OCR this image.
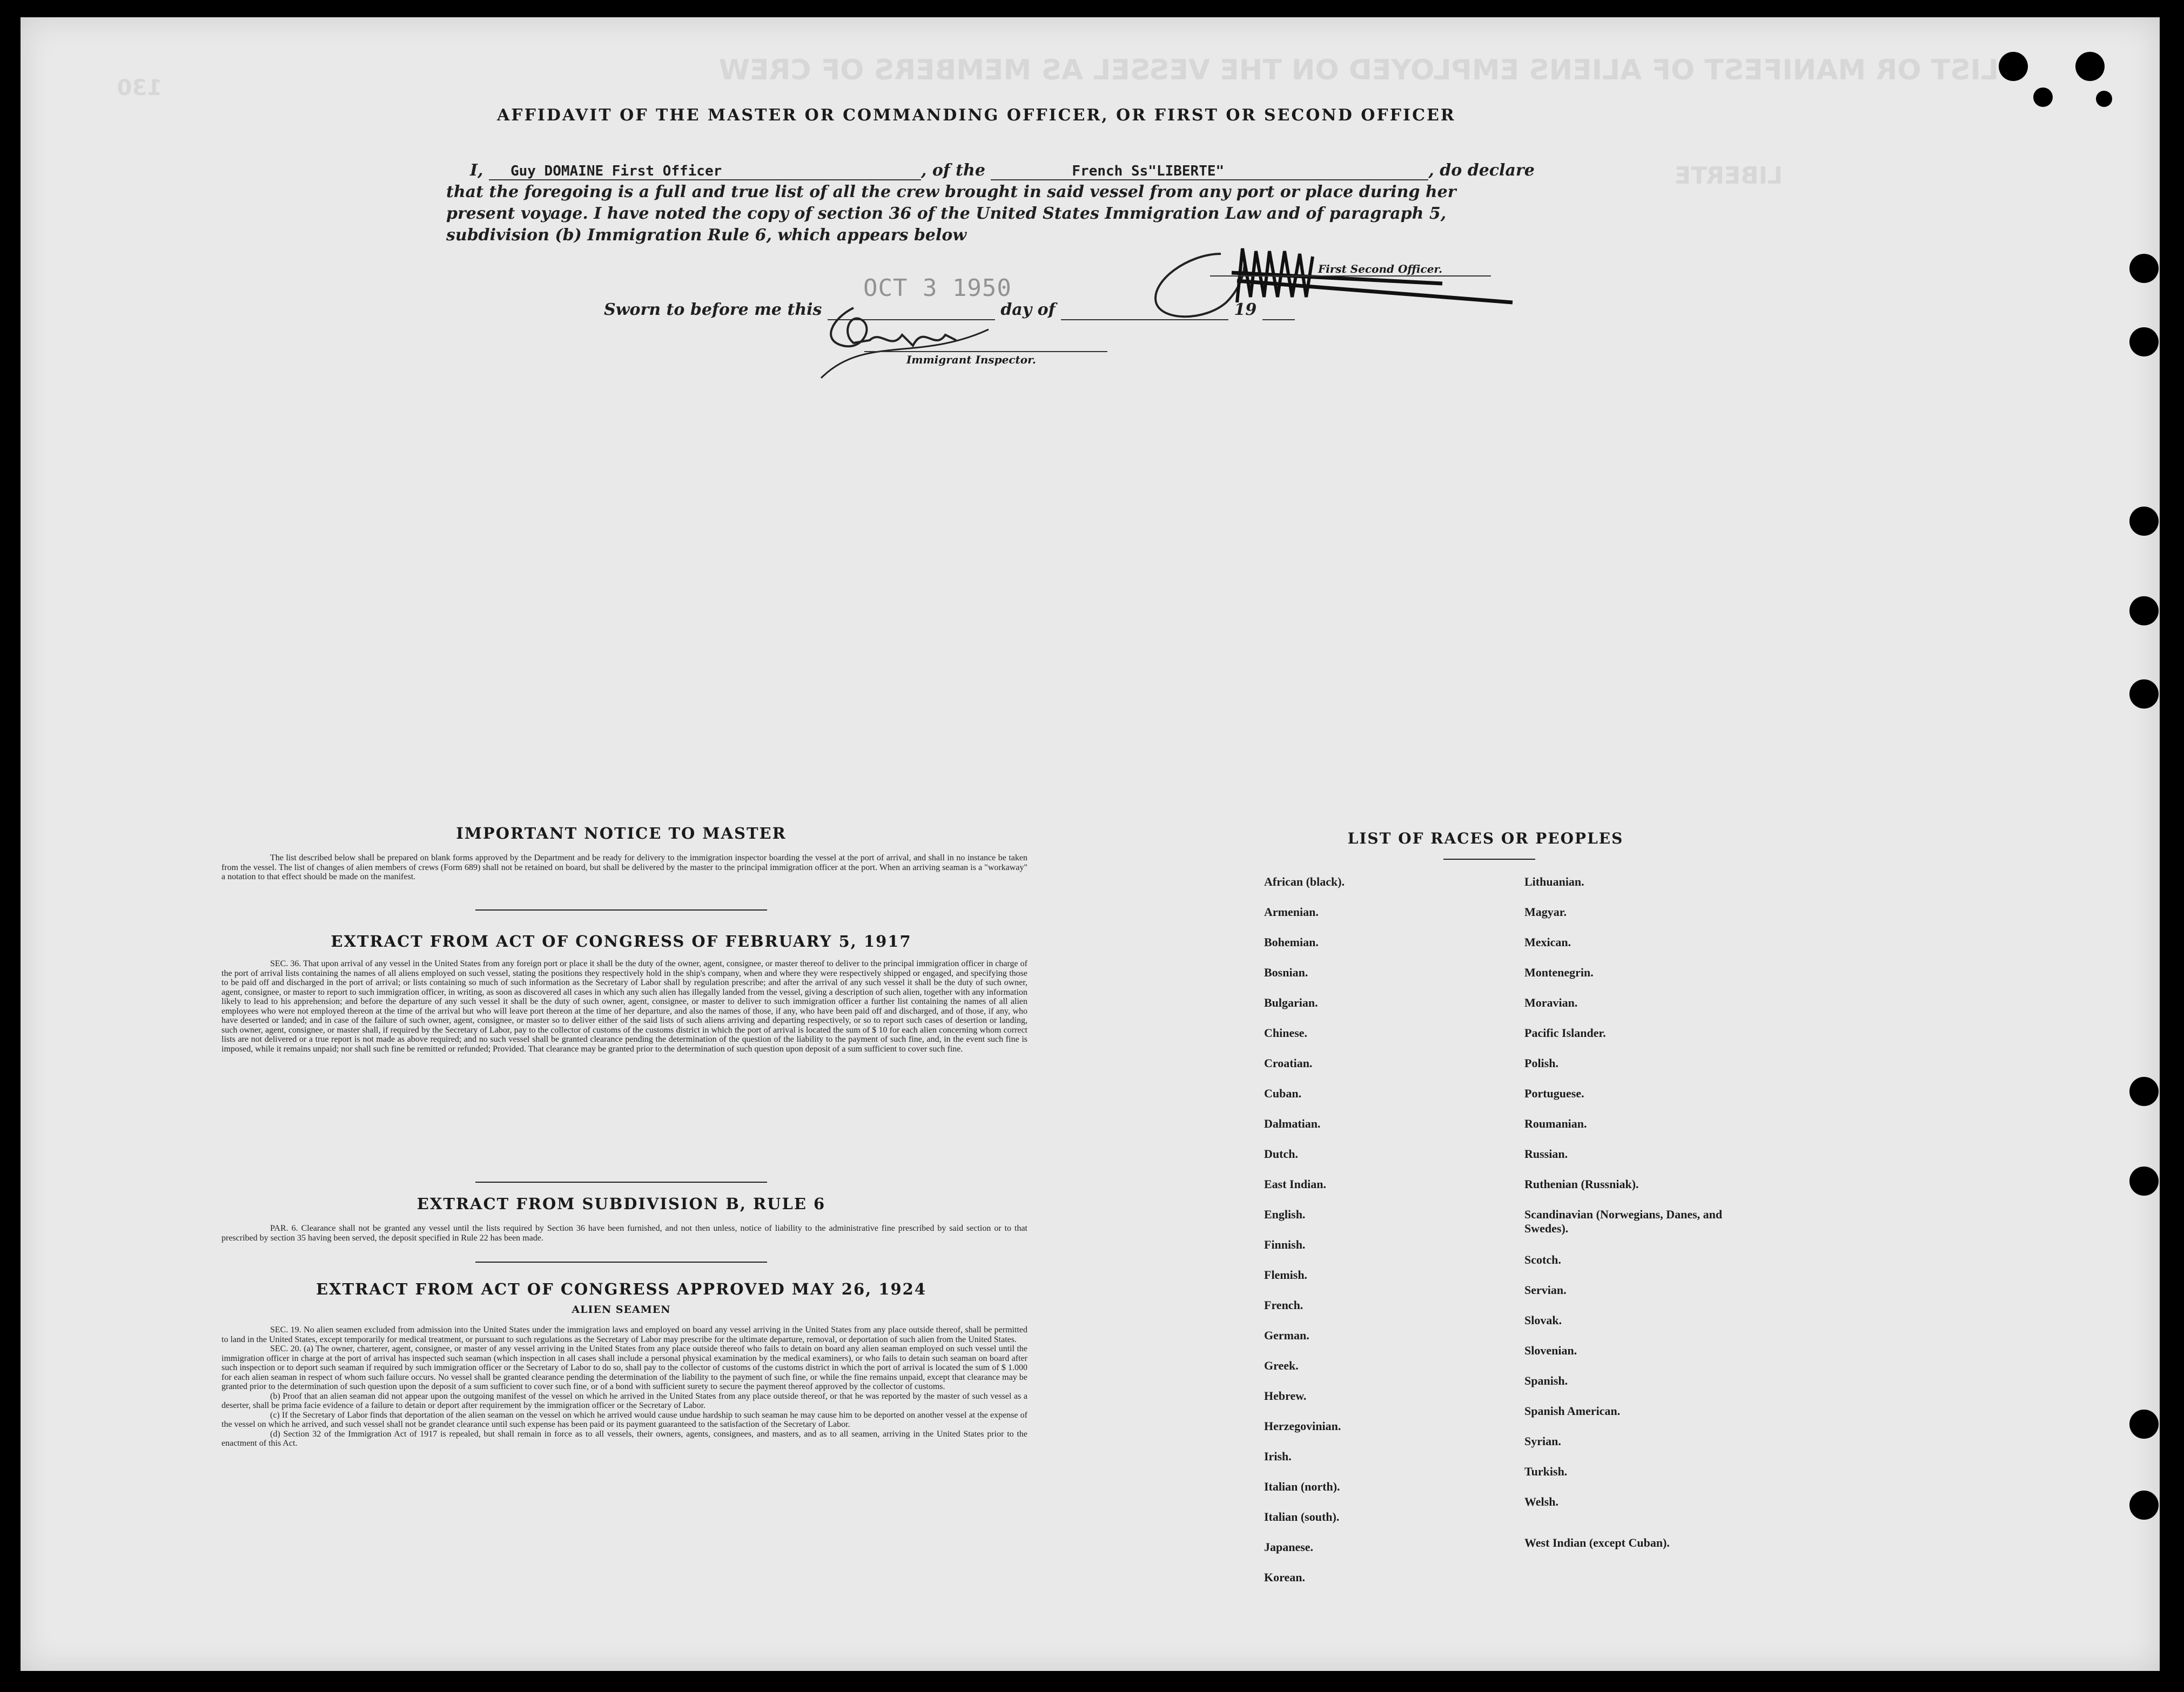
LIST OR MANIFEST OF ALIENS EMPLOYED ON THE VESSEL AS MEMBERS OF CREW
LIBERTE
130
AFFIDAVIT OF THE MASTER OR COMMANDING OFFICER, OR FIRST OR SECOND OFFICER
I, Guy DOMAINE First Officer	, of the	French Ss"LIBERTE"	, do declare
that the foregoing is a full and true list of all the crew brought in said vessel from any port or place during her
present voyage. I have noted the copy of section 36 of the United States Immigration Law and of paragraph 5,
subdivision (b) Immigration Rule 6, which appears below
First Second Officer.
Sworn to before me this	day of	19
OCT 3 1950
Immigrant Inspector.
IMPORTANT NOTICE TO MASTER
The list described below shall be prepared on blank forms approved by the Department and be ready for delivery to the immigration inspector boarding the vessel at the port of arrival, and shall in no instance be taken from the vessel. The list of changes of alien members of crews (Form 689) shall not be retained on board, but shall be delivered by the master to the principal immigration officer at the port. When an arriving seaman is a "workaway" a notation to that effect should be made on the manifest.
EXTRACT FROM ACT OF CONGRESS OF FEBRUARY 5, 1917
SEC. 36. That upon arrival of any vessel in the United States from any foreign port or place it shall be the duty of the owner, agent, consignee, or master thereof to deliver to the principal immigration officer in charge of the port of arrival lists containing the names of all aliens employed on such vessel, stating the positions they respectively hold in the ship's company, when and where they were respectively shipped or engaged, and specifying those to be paid off and discharged in the port of arrival; or lists containing so much of such information as the Secretary of Labor shall by regulation prescribe; and after the arrival of any such vessel it shall be the duty of such owner, agent, consignee, or master to report to such immigration officer, in writing, as soon as discovered all cases in which any such alien has illegally landed from the vessel, giving a description of such alien, together with any information likely to lead to his apprehension; and before the departure of any such vessel it shall be the duty of such owner, agent, consignee, or master to deliver to such immigration officer a further list containing the names of all alien employees who were not employed thereon at the time of the arrival but who will leave port thereon at the time of her departure, and also the names of those, if any, who have been paid off and discharged, and of those, if any, who have deserted or landed; and in case of the failure of such owner, agent, consignee, or master so to deliver either of the said lists of such aliens arriving and departing respectively, or so to report such cases of desertion or landing, such owner, agent, consignee, or master shall, if required by the Secretary of Labor, pay to the collector of customs of the customs district in which the port of arrival is located the sum of $ 10 for each alien concerning whom correct lists are not delivered or a true report is not made as above required; and no such vessel shall be granted clearance pending the determination of the question of the liability to the payment of such fine, and, in the event such fine is imposed, while it remains unpaid; nor shall such fine be remitted or refunded; Provided. That clearance may be granted prior to the determination of such question upon deposit of a sum sufficient to cover such fine.
EXTRACT FROM SUBDIVISION B, RULE 6
PAR. 6. Clearance shall not be granted any vessel until the lists required by Section 36 have been furnished, and not then unless, notice of liability to the administrative fine prescribed by said section or to that prescribed by section 35 having been served, the deposit specified in Rule 22 has been made.
EXTRACT FROM ACT OF CONGRESS APPROVED MAY 26, 1924
ALIEN SEAMEN
SEC. 19. No alien seamen excluded from admission into the United States under the immigration laws and employed on board any vessel arriving in the United States from any place outside thereof, shall be permitted to land in the United States, except temporarily for medical treatment, or pursuant to such regulations as the Secretary of Labor may prescribe for the ultimate departure, removal, or deportation of such alien from the United States.
SEC. 20. (a) The owner, charterer, agent, consignee, or master of any vessel arriving in the United States from any place outside thereof who fails to detain on board any alien seaman employed on such vessel until the immigration officer in charge at the port of arrival has inspected such seaman (which inspection in all cases shall include a personal physical examination by the medical examiners), or who fails to detain such seaman on board after such inspection or to deport such seaman if required by such immigration officer or the Secretary of Labor to do so, shall pay to the collector of customs of the customs district in which the port of arrival is located the sum of $ 1.000 for each alien seaman in respect of whom such failure occurs. No vessel shall be granted clearance pending the determination of the liability to the payment of such fine, or while the fine remains unpaid, except that clearance may be granted prior to the determination of such question upon the deposit of a sum sufficient to cover such fine, or of a bond with sufficient surety to secure the payment thereof approved by the collector of customs.
(b) Proof that an alien seaman did not appear upon the outgoing manifest of the vessel on which he arrived in the United States from any place outside thereof, or that he was reported by the master of such vessel as a deserter, shall be prima facie evidence of a failure to detain or deport after requirement by the immigration officer or the Secretary of Labor.
(c) If the Secretary of Labor finds that deportation of the alien seaman on the vessel on which he arrived would cause undue hardship to such seaman he may cause him to be deported on another vessel at the expense of the vessel on which he arrived, and such vessel shall not be grandet clearance until such expense has been paid or its payment guaranteed to the satisfaction of the Secretary of Labor.
(d) Section 32 of the Immigration Act of 1917 is repealed, but shall remain in force as to all vessels, their owners, agents, consignees, and masters, and as to all seamen, arriving in the United States prior to the enactment of this Act.
LIST OF RACES OR PEOPLES
African (black).
Armenian.
Bohemian.
Bosnian.
Bulgarian.
Chinese.
Croatian.
Cuban.
Dalmatian.
Dutch.
East Indian.
English.
Finnish.
Flemish.
French.
German.
Greek.
Hebrew.
Herzegovinian.
Irish.
Italian (north).
Italian (south).
Japanese.
Korean.
Lithuanian.
Magyar.
Mexican.
Montenegrin.
Moravian.
Pacific Islander.
Polish.
Portuguese.
Roumanian.
Russian.
Ruthenian (Russniak).
Scandinavian (Norwegians, Danes, and Swedes).
Scotch.
Servian.
Slovak.
Slovenian.
Spanish.
Spanish American.
Syrian.
Turkish.
Welsh.
West Indian (except Cuban).
